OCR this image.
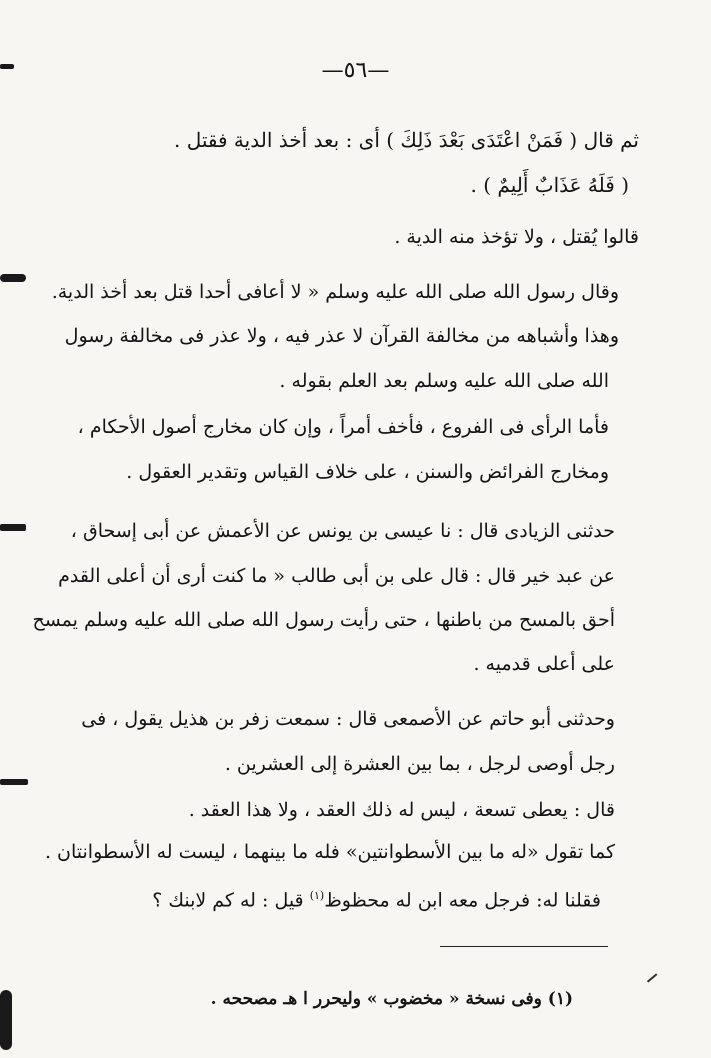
—٥٦—
ثم قال ( فَمَنْ اعْتَدَى بَعْدَ ذَلِكَ ) أى : بعد أخذ الدية فقتل .
( فَلَهُ عَذَابٌ أَلِيمٌ ) .
قالوا يُقتل ، ولا تؤخذ منه الدية .
وقال رسول الله صلى الله عليه وسلم « لا أعافى أحدا قتل بعد أخذ الدية.
وهذا وأشباهه من مخالفة القرآن لا عذر فيه ، ولا عذر فى مخالفة رسول
الله صلى الله عليه وسلم بعد العلم بقوله .
فأما الرأى فى الفروع ، فأخف أمراً ، وإن كان مخارج أصول الأحكام ،
ومخارج الفرائض والسنن ، على خلاف القياس وتقدير العقول .
حدثنى الزيادى قال : نا عيسى بن يونس عن الأعمش عن أبى إسحاق ،
عن عبد خير قال : قال على بن أبى طالب « ما كنت أرى أن أعلى القدم
أحق بالمسح من باطنها ، حتى رأيت رسول الله صلى الله عليه وسلم يمسح
على أعلى قدميه .
وحدثنى أبو حاتم عن الأصمعى قال : سمعت زفر بن هذيل يقول ، فى
رجل أوصى لرجل ، بما بين العشرة إلى العشرين .
قال : يعطى تسعة ، ليس له ذلك العقد ، ولا هذا العقد .
كما تقول «له ما بين الأسطوانتين» فله ما بينهما ، ليست له الأسطوانتان .
فقلنا له: فرجل معه ابن له محظوظ$^{(١)}$ قيل : له كم لابنك ؟
(١) وفى نسخة « مخضوب » وليحرر ا هـ مصححه .
